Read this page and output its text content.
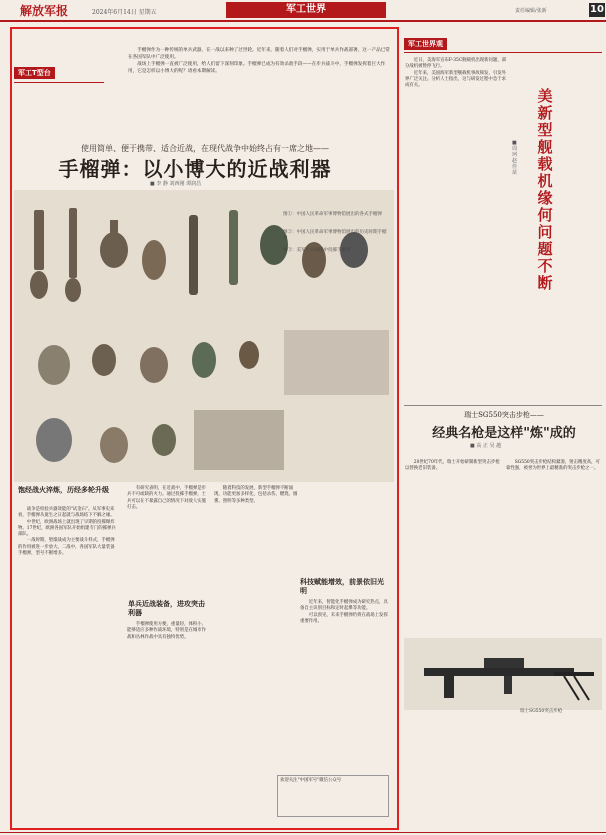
解放军报	2024年6月14日 星期五	军工世界	责任编辑/张新	10
军工T型台

手榴弹作为一种传统的单兵武器，在一战以来种了过世轮。近年来，随着人们对手榴弹，实用于单兵作战部署，这一产品已常在各国军队中广泛使用。

战场上手榴弹一直被广泛使用，给人们留下深刻印象。手榴弹已成为有效杀敌手段——在步兵战斗中，手榴弹发挥着巨大作用，它是怎样以小博大的呢？请看本期解读。

使用简单、便于携带、适合近战，在现代战争中始终占有一席之地——
手榴弹：以小博大的近战利器
■ 李 静 刘西刚 谭润昌
图①：中国人民革命军事博物馆展出的各式手榴弹
图②：中国人民革命军事博物馆展出的历史时期手榴弹
图③：美军士兵训练中投掷手榴弹
饱经战火淬炼，历经多轮升级

战争是检验兵器效能的"试金石"。从军事史来看，手榴弹从诞生之日起就与战场结下不解之缘。

中世纪，欧洲战场上就出现了早期的投掷爆炸物。17世纪，欧洲各国军队开始组建专门的掷弹兵部队。

一战时期，堑壕战成为主要战斗样式，手榴弹的作用被进一步放大。二战中，各国军队大量装备手榴弹，型号不断增多。

有研究表明，在近战中，手榴弹是步兵不可或缺的火力。通过投掷手榴弹，士兵可以在不暴露自己的情况下对敌人实施打击。

单兵近战装备，进攻突击利器

手榴弹使用方便，重量轻，体积小，能够适应多种作战环境，特别是在城市作战和丛林作战中具有独特优势。

随着科技的发展，新型手榴弹不断涌现，功能更加多样化，包括杀伤、燃烧、烟雾、照明等多种类型。

科技赋能增效，前景依旧光明

近年来，智能化手榴弹成为研究热点，具备自主识别目标和定时起爆等功能。

可以预见，未来手榴弹仍将在战场上发挥重要作用。

欢迎关注"中国军号"微信公众号
军工世界观

近日，美海军宣布F-35C舰载机出现新问题，部分战机被暂停飞行。

近年来，美国海军新型舰载机事故频发，引发外界广泛关注。分析人士指出，这与研发过程中急于求成有关。

美新型舰载机缘何问题不断
■ 周 珂 赵佳苗
瑞士SG550突击步枪——
经典名枪是这样"炼"成的
■ 高 正 吴 越

20世纪70年代，瑞士开始研制新型突击步枪以替换老旧装备。

SG550突击步枪结构紧凑，射击精度高，可靠性强，被誉为世界上最精准的突击步枪之一。

瑞士SG550突击步枪
